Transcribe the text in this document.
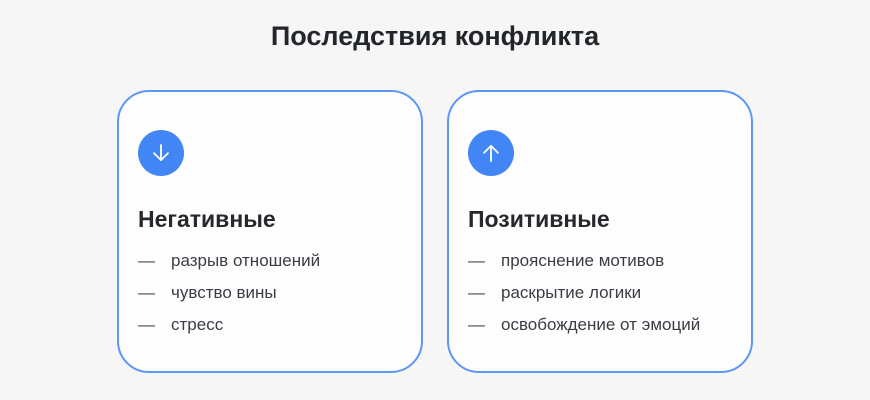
Последствия конфликта
Негативные
— разрыв отношений
— чувство вины
— стресс
Позитивные
— прояснение мотивов
— раскрытие логики
— освобождение от эмоций
